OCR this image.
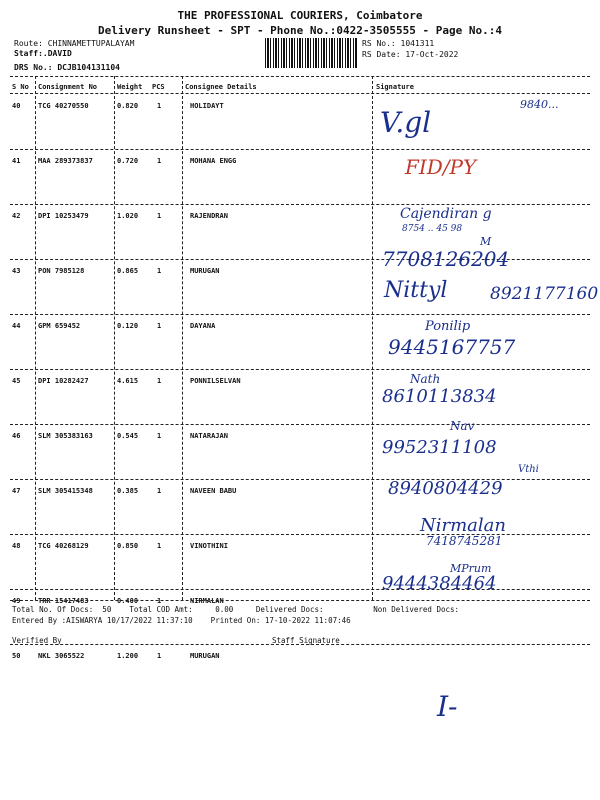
THE PROFESSIONAL COURIERS, Coimbatore
Delivery Runsheet - SPT - Phone No.:0422-3505555 - Page No.:4
Route: CHINNAMETTUPALAYAM
Staff:.DAVID
DRS No.: DCJB104131104
RS No.: 1041311
RS Date: 17-Oct-2022
S No Consignment No	Weight PCS	Consignee Details	Signature
40	TCG 40270550	0.820	1	HOLIDAYT	V.gl
9840...
41	MAA 289373837	0.720	1	MOHANA ENGG	FID/PY
42	DPI 10253479	1.020	1	RAJENDRAN	Cajendiran g
8754 .. 45 98
43	PON 7985128	0.865	1	MURUGAN	7708126204
M
44	GPM 659452	0.120	1	DAYANA
Nittyl	8921177160
45	DPI 10282427	4.615	1	PONNILSELVAN
Ponilip
9445167757
46	SLM 305383163	0.545	1	NATARAJAN
Nath
8610113834
47	SLM 305415348	0.385	1	NAVEEN BABU
Nav
9952311108
48	TCG 40268129	0.850	1	VINOTHINI
8940804429
Vthi
49	TRR 15417483	0.400	1	NIRMALAN
Nirmalan
7418745281
50	NKL 3065522	1.200	1	MURUGAN
MPrum
9444384464
Total No. Of Docs:  50    Total COD Amt:     0.00     Delivered Docs:           Non Delivered Docs:
Entered By :AISWARYA 10/17/2022 11:37:10    Printed On: 17-10-2022 11:07:46
Verified By	Staff Signature
I-
